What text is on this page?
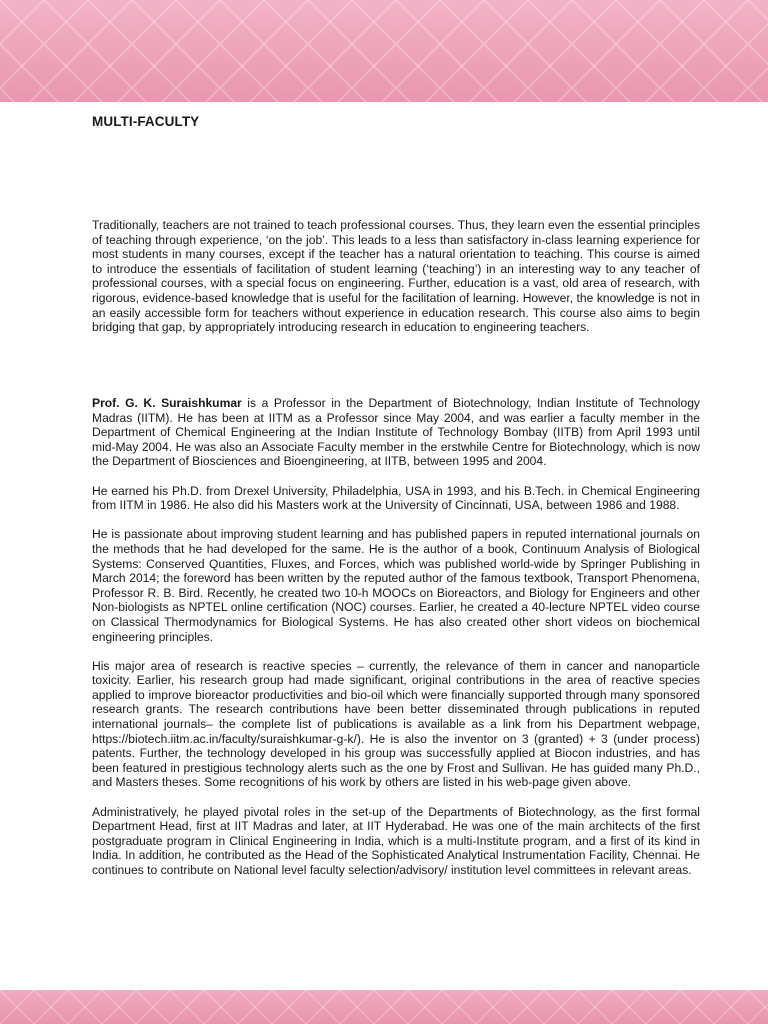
MULTI-FACULTY

Traditionally, teachers are not trained to teach professional courses. Thus, they learn even the essential principles of teaching through experience, ‘on the job’. This leads to a less than satisfactory in-class learning experience for most students in many courses, except if the teacher has a natural orientation to teaching. This course is aimed to introduce the essentials of facilitation of student learning (‘teaching’) in an interesting way to any teacher of professional courses, with a special focus on engineering. Further, education is a vast, old area of research, with rigorous, evidence-based knowledge that is useful for the facilitation of learning. However, the knowledge is not in an easily accessible form for teachers without experience in education research. This course also aims to begin bridging that gap, by appropriately introducing research in education to engineering teachers.

Prof. G. K. Suraishkumar is a Professor in the Department of Biotechnology, Indian Institute of Technology Madras (IITM). He has been at IITM as a Professor since May 2004, and was earlier a faculty member in the Department of Chemical Engineering at the Indian Institute of Technology Bombay (IITB) from April 1993 until mid-May 2004. He was also an Associate Faculty member in the erstwhile Centre for Biotechnology, which is now the Department of Biosciences and Bioengineering, at IITB, between 1995 and 2004.

He earned his Ph.D. from Drexel University, Philadelphia, USA in 1993, and his B.Tech. in Chemical Engineering from IITM in 1986. He also did his Masters work at the University of Cincinnati, USA, between 1986 and 1988.

He is passionate about improving student learning and has published papers in reputed international journals on the methods that he had developed for the same. He is the author of a book, Continuum Analysis of Biological Systems: Conserved Quantities, Fluxes, and Forces, which was published world-wide by Springer Publishing in March 2014; the foreword has been written by the reputed author of the famous textbook, Transport Phenomena, Professor R. B. Bird. Recently, he created two 10-h MOOCs on Bioreactors, and Biology for Engineers and other Non-biologists as NPTEL online certification (NOC) courses. Earlier, he created a 40-lecture NPTEL video course on Classical Thermodynamics for Biological Systems. He has also created other short videos on biochemical engineering principles.

His major area of research is reactive species – currently, the relevance of them in cancer and nanoparticle toxicity. Earlier, his research group had made significant, original contributions in the area of reactive species applied to improve bioreactor productivities and bio-oil which were financially supported through many sponsored research grants. The research contributions have been better disseminated through publications in reputed international journals– the complete list of publications is available as a link from his Department webpage, https://biotech.iitm.ac.in/faculty/suraishkumar-g-k/). He is also the inventor on 3 (granted) + 3 (under process) patents. Further, the technology developed in his group was successfully applied at Biocon industries, and has been featured in prestigious technology alerts such as the one by Frost and Sullivan. He has guided many Ph.D., and Masters theses. Some recognitions of his work by others are listed in his web-page given above.

Administratively, he played pivotal roles in the set-up of the Departments of Biotechnology, as the first formal Department Head, first at IIT Madras and later, at IIT Hyderabad. He was one of the main architects of the first postgraduate program in Clinical Engineering in India, which is a multi-Institute program, and a first of its kind in India. In addition, he contributed as the Head of the Sophisticated Analytical Instrumentation Facility, Chennai. He continues to contribute on National level faculty selection/advisory/ institution level committees in relevant areas.
